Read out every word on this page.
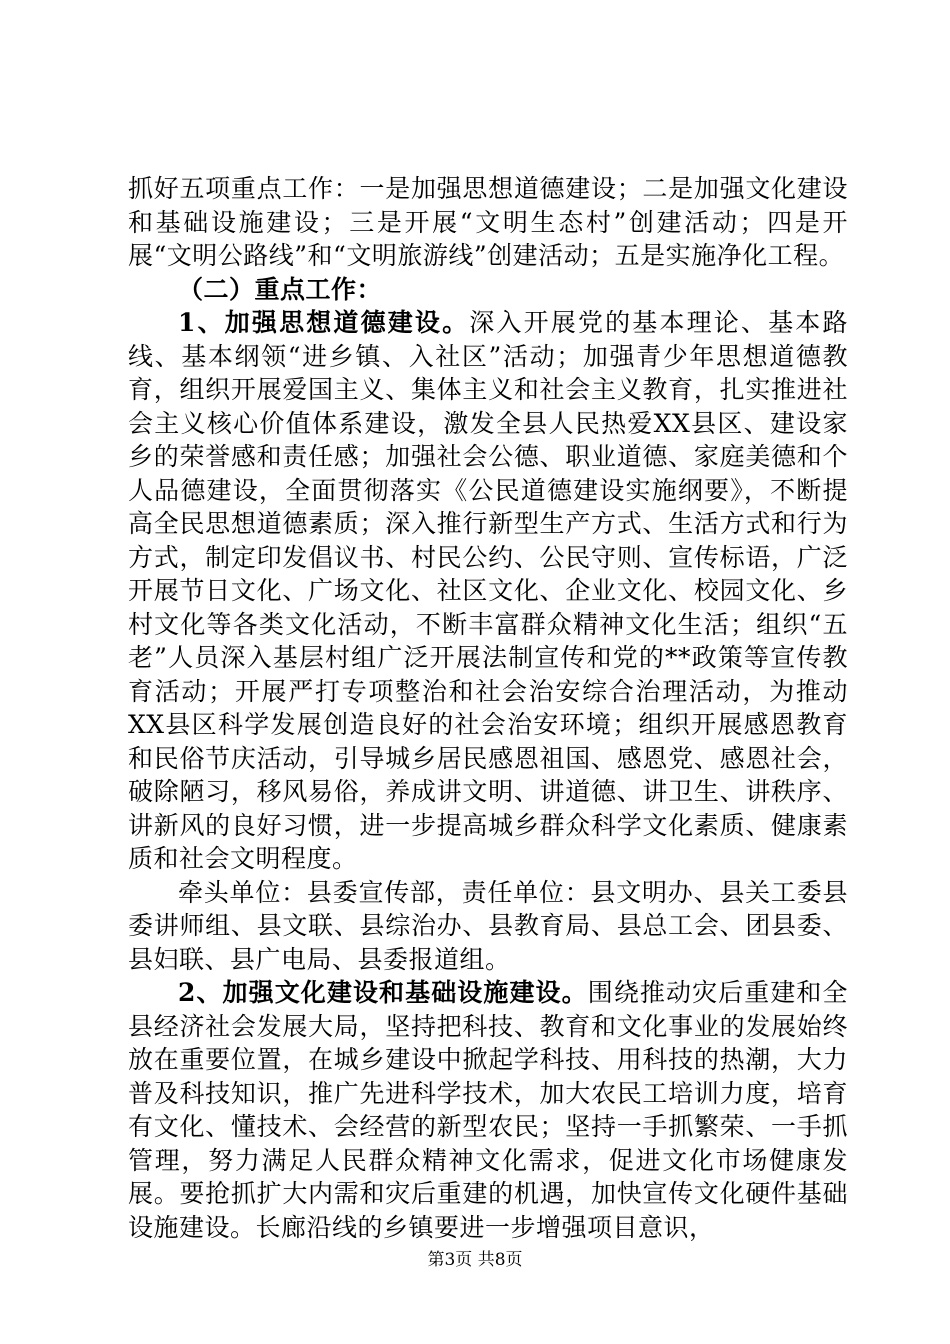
抓好五项重点工作：一是加强思想道德建设；二是加强文化建设和基础设施建设；三是开展“文明生态村”创建活动；四是开展“文明公路线”和“文明旅游线”创建活动；五是实施净化工程。

（二）重点工作：

1、加强思想道德建设。深入开展党的基本理论、基本路线、基本纲领“进乡镇、入社区”活动；加强青少年思想道德教育，组织开展爱国主义、集体主义和社会主义教育，扎实推进社会主义核心价值体系建设，激发全县人民热爱XX县区、建设家乡的荣誉感和责任感；加强社会公德、职业道德、家庭美德和个人品德建设，全面贯彻落实《公民道德建设实施纲要》，不断提高全民思想道德素质；深入推行新型生产方式、生活方式和行为方式，制定印发倡议书、村民公约、公民守则、宣传标语，广泛开展节日文化、广场文化、社区文化、企业文化、校园文化、乡村文化等各类文化活动，不断丰富群众精神文化生活；组织“五老”人员深入基层村组广泛开展法制宣传和党的**政策等宣传教育活动；开展严打专项整治和社会治安综合治理活动，为推动XX县区科学发展创造良好的社会治安环境；组织开展感恩教育和民俗节庆活动，引导城乡居民感恩祖国、感恩党、感恩社会，破除陋习，移风易俗，养成讲文明、讲道德、讲卫生、讲秩序、讲新风的良好习惯，进一步提高城乡群众科学文化素质、健康素质和社会文明程度。

牵头单位：县委宣传部，责任单位：县文明办、县关工委县委讲师组、县文联、县综治办、县教育局、县总工会、团县委、县妇联、县广电局、县委报道组。

2、加强文化建设和基础设施建设。围绕推动灾后重建和全县经济社会发展大局，坚持把科技、教育和文化事业的发展始终放在重要位置，在城乡建设中掀起学科技、用科技的热潮，大力普及科技知识，推广先进科学技术，加大农民工培训力度，培育有文化、懂技术、会经营的新型农民；坚持一手抓繁荣、一手抓管理，努力满足人民群众精神文化需求，促进文化市场健康发展。要抢抓扩大内需和灾后重建的机遇，加快宣传文化硬件基础设施建设。长廊沿线的乡镇要进一步增强项目意识，

第3页 共8页
